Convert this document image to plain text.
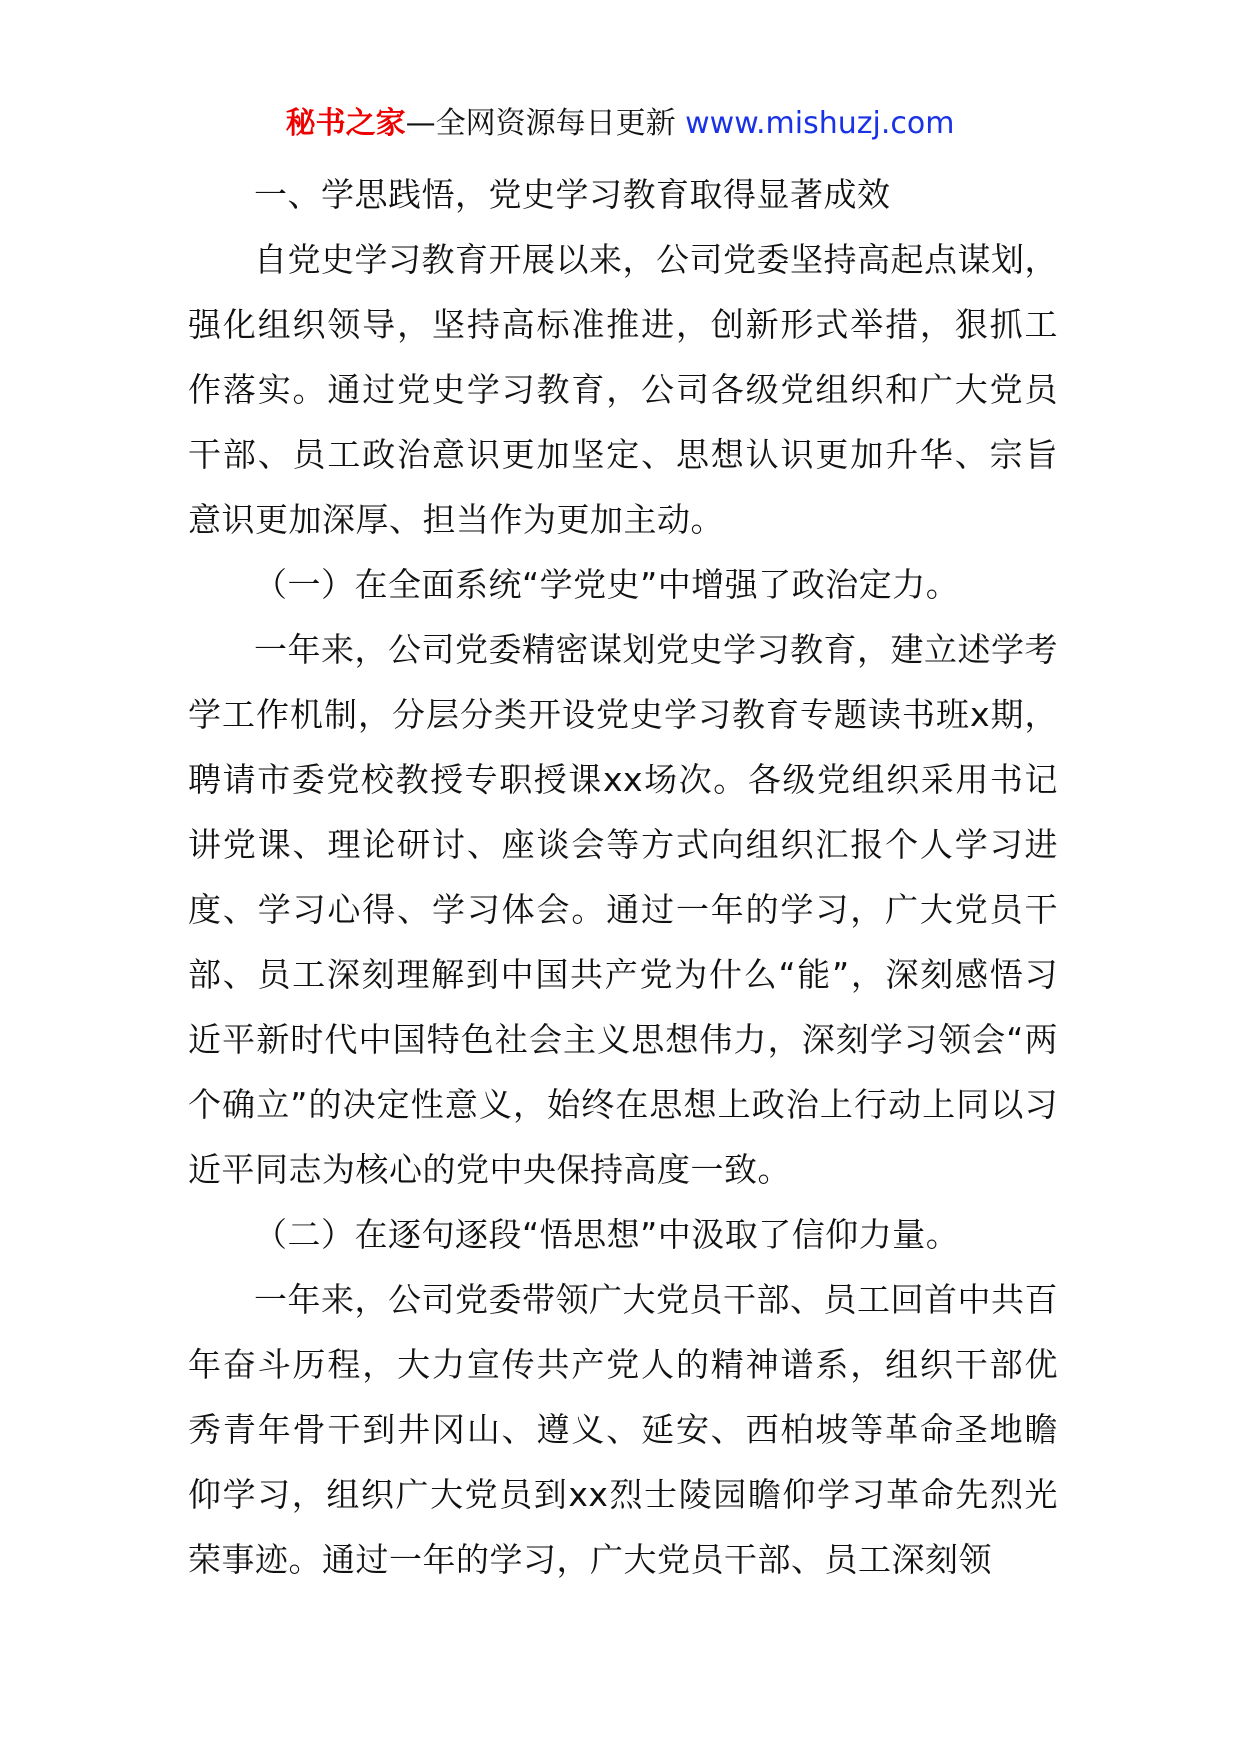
秘书之家—全网资源每日更新 www.mishuzj.com

一、学思践悟，党史学习教育取得显著成效

自党史学习教育开展以来，公司党委坚持高起点谋划，强化组织领导，坚持高标准推进，创新形式举措，狠抓工作落实。通过党史学习教育，公司各级党组织和广大党员干部、员工政治意识更加坚定、思想认识更加升华、宗旨意识更加深厚、担当作为更加主动。

（一）在全面系统“学党史”中增强了政治定力。

一年来，公司党委精密谋划党史学习教育，建立述学考学工作机制，分层分类开设党史学习教育专题读书班x期，聘请市委党校教授专职授课xx场次。各级党组织采用书记讲党课、理论研讨、座谈会等方式向组织汇报个人学习进度、学习心得、学习体会。通过一年的学习，广大党员干部、员工深刻理解到中国共产党为什么“能”，深刻感悟习近平新时代中国特色社会主义思想伟力，深刻学习领会“两个确立”的决定性意义，始终在思想上政治上行动上同以习近平同志为核心的党中央保持高度一致。

（二）在逐句逐段“悟思想”中汲取了信仰力量。

一年来，公司党委带领广大党员干部、员工回首中共百年奋斗历程，大力宣传共产党人的精神谱系，组织干部优秀青年骨干到井冈山、遵义、延安、西柏坡等革命圣地瞻仰学习，组织广大党员到xx烈士陵园瞻仰学习革命先烈光荣事迹。通过一年的学习，广大党员干部、员工深刻领
